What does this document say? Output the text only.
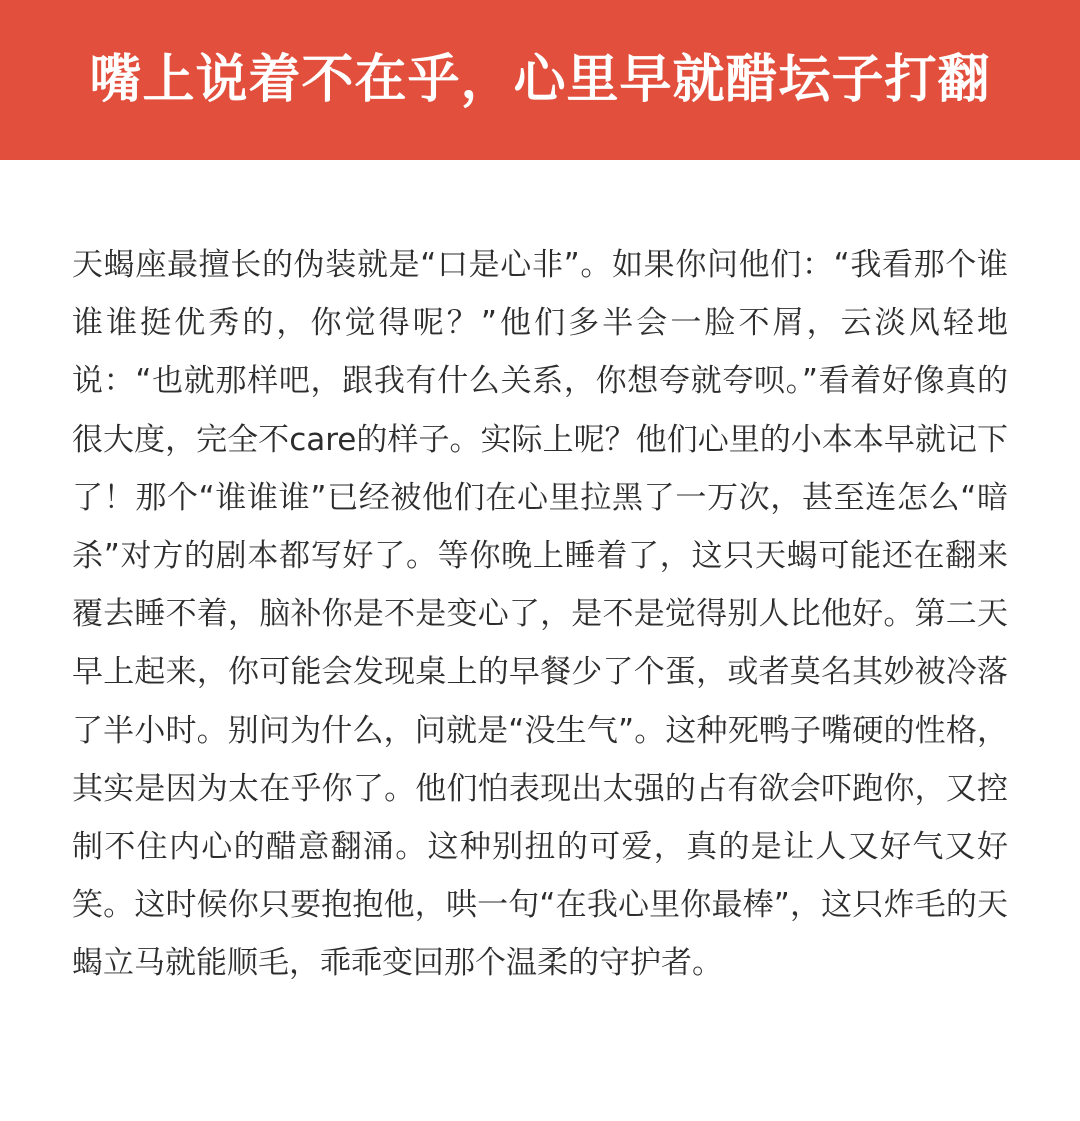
嘴上说着不在乎，心里早就醋坛子打翻

天蝎座最擅长的伪装就是“口是心非”。如果你问他们：“我看那个谁谁谁挺优秀的，你觉得呢？”他们多半会一脸不屑，云淡风轻地说：“也就那样吧，跟我有什么关系，你想夸就夸呗。”看着好像真的很大度，完全不care的样子。实际上呢？他们心里的小本本早就记下了！那个“谁谁谁”已经被他们在心里拉黑了一万次，甚至连怎么“暗杀”对方的剧本都写好了。等你晚上睡着了，这只天蝎可能还在翻来覆去睡不着，脑补你是不是变心了，是不是觉得别人比他好。第二天早上起来，你可能会发现桌上的早餐少了个蛋，或者莫名其妙被冷落了半小时。别问为什么，问就是“没生气”。这种死鸭子嘴硬的性格，其实是因为太在乎你了。他们怕表现出太强的占有欲会吓跑你，又控制不住内心的醋意翻涌。这种别扭的可爱，真的是让人又好气又好笑。这时候你只要抱抱他，哄一句“在我心里你最棒”，这只炸毛的天蝎立马就能顺毛，乖乖变回那个温柔的守护者。
